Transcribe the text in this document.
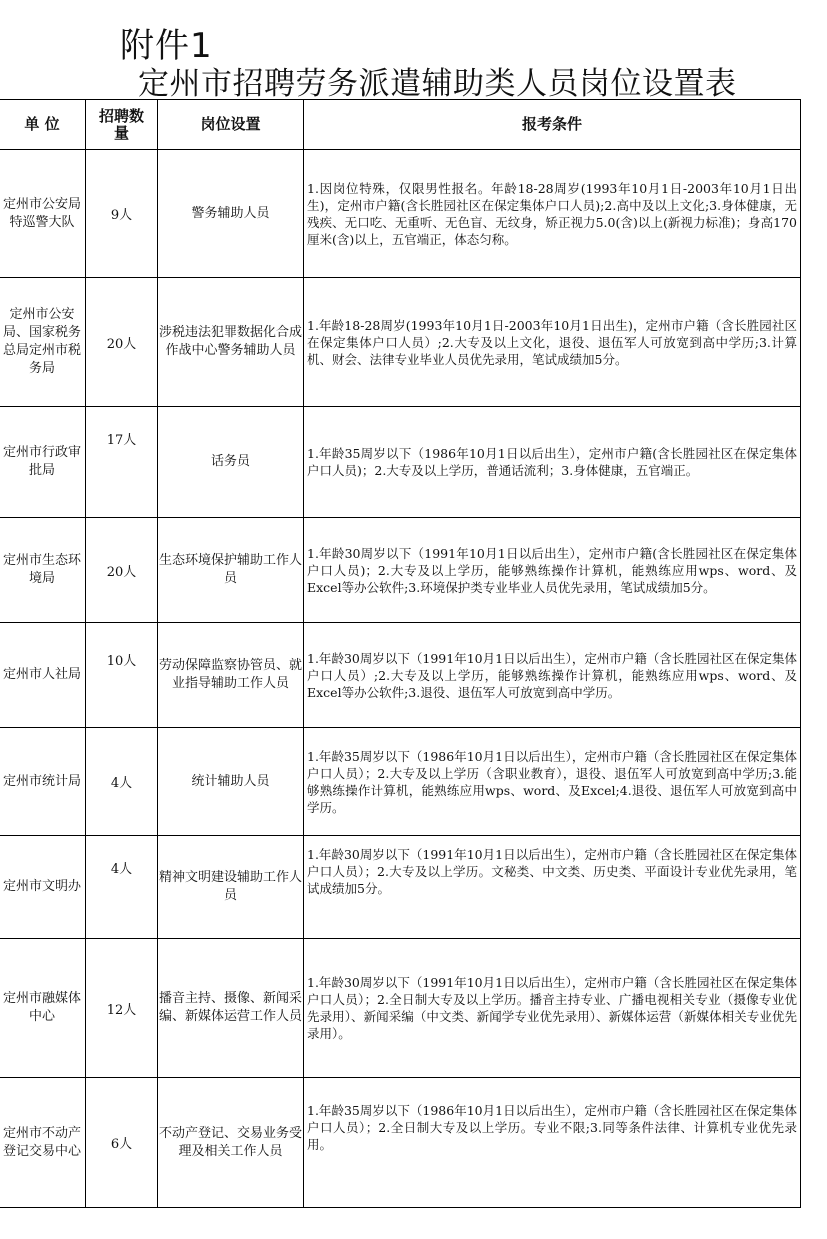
附件1
定州市招聘劳务派遣辅助类人员岗位设置表
单 位	招聘数量	岗位设置	报考条件
定州市公安局特巡警大队	9人	警务辅助人员	1.因岗位特殊，仅限男性报名。年龄18-28周岁(1993年10月1日-2003年10月1日出生)，定州市户籍(含长胜园社区在保定集体户口人员);2.高中及以上文化;3.身体健康，无残疾、无口吃、无重听、无色盲、无纹身，矫正视力5.0(含)以上(新视力标准)；身高170厘米(含)以上，五官端正，体态匀称。
定州市公安局、国家税务总局定州市税务局	20人	涉税违法犯罪数据化合成作战中心警务辅助人员	1.年龄18-28周岁(1993年10月1日-2003年10月1日出生)，定州市户籍（含长胜园社区在保定集体户口人员）;2.大专及以上文化，退役、退伍军人可放宽到高中学历;3.计算机、财会、法律专业毕业人员优先录用，笔试成绩加5分。
定州市行政审批局	17人	话务员	1.年龄35周岁以下（1986年10月1日以后出生），定州市户籍(含长胜园社区在保定集体户口人员)；2.大专及以上学历，普通话流利；3.身体健康，五官端正。
定州市生态环境局	20人	生态环境保护辅助工作人员	1.年龄30周岁以下（1991年10月1日以后出生），定州市户籍(含长胜园社区在保定集体户口人员)；2.大专及以上学历，能够熟练操作计算机，能熟练应用wps、word、及Excel等办公软件;3.环境保护类专业毕业人员优先录用，笔试成绩加5分。
定州市人社局	10人	劳动保障监察协管员、就业指导辅助工作人员	1.年龄30周岁以下（1991年10月1日以后出生），定州市户籍（含长胜园社区在保定集体户口人员）;2.大专及以上学历，能够熟练操作计算机，能熟练应用wps、word、及Excel等办公软件;3.退役、退伍军人可放宽到高中学历。
定州市统计局	4人	统计辅助人员	1.年龄35周岁以下（1986年10月1日以后出生），定州市户籍（含长胜园社区在保定集体户口人员）；2.大专及以上学历（含职业教育），退役、退伍军人可放宽到高中学历;3.能够熟练操作计算机，能熟练应用wps、word、及Excel;4.退役、退伍军人可放宽到高中学历。
定州市文明办	4人	精神文明建设辅助工作人员	1.年龄30周岁以下（1991年10月1日以后出生），定州市户籍（含长胜园社区在保定集体户口人员）；2.大专及以上学历。文秘类、中文类、历史类、平面设计专业优先录用，笔试成绩加5分。
定州市融媒体中心	12人	播音主持、摄像、新闻采编、新媒体运营工作人员	1.年龄30周岁以下（1991年10月1日以后出生），定州市户籍（含长胜园社区在保定集体户口人员）；2.全日制大专及以上学历。播音主持专业、广播电视相关专业（摄像专业优先录用）、新闻采编（中文类、新闻学专业优先录用）、新媒体运营（新媒体相关专业优先录用）。
定州市不动产登记交易中心	6人	不动产登记、交易业务受理及相关工作人员	1.年龄35周岁以下（1986年10月1日以后出生），定州市户籍（含长胜园社区在保定集体户口人员）；2.全日制大专及以上学历。专业不限;3.同等条件法律、计算机专业优先录用。
